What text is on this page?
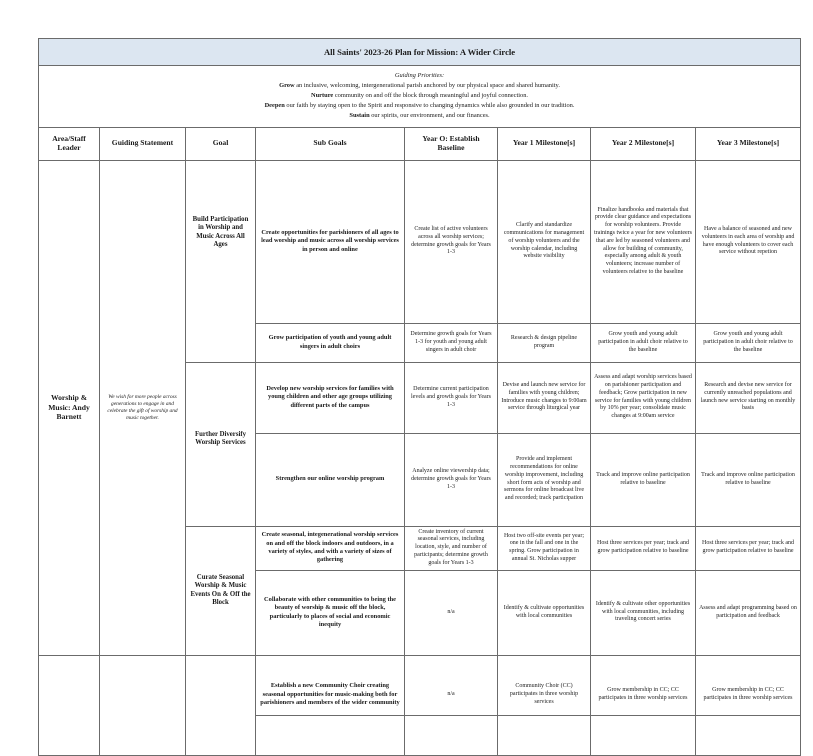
All Saints' 2023-26 Plan for Mission: A Wider Circle							

Guiding Priorities:
Grow an inclusive, welcoming, intergenerational parish anchored by our physical space and shared humanity.
Nurture community on and off the block through meaningful and joyful connection.
Deepen our faith by staying open to the Spirit and responsive to changing dynamics while also grounded in our tradition.
Sustain our spirits, our environment, and our finances.							

Area/Staff Leader	Guiding Statement	Goal	Sub Goals	Year O: Establish Baseline	Year 1 Milestone[s]	Year 2 Milestone[s]	Year 3 Milestone[s]
Worship & Music: Andy Barnett	We wish for more people across generations to engage in and celebrate the gift of worship and music together.	Build Participation in Worship and Music Across All Ages	Create opportunities for parishioners of all ages to lead worship and music across all worship services in person and online	Create list of active volunteers across all worship services; determine growth goals for Years 1-3	Clarify and standardize communications for management of worship volunteers and the worship calendar, including website visibility	Finalize handbooks and materials that provide clear guidance and expectations for worship volunteers. Provide trainings twice a year for new volunteers that are led by seasoned volunteers and allow for building of community, especially among adult & youth volunteers; increase number of volunteers relative to the baseline	Have a balance of seasoned and new volunteers in each area of worship and have enough volunteers to cover each service without repetion
			Grow participation of youth and young adult singers in adult choirs	Determine growth goals for Years 1-3 for youth and young adult singers in adult choir	Research & design pipeline program	Grow youth and young adult participation in adult choir relative to the baseline	Grow youth and young adult participation in adult choir relative to the baseline
		Further Diversify Worship Services	Develop new worship services for families with young children and other age groups utilizing different parts of the campus	Determine current participation levels and growth goals for Years 1-3	Devise and launch new service for families with young children; Introduce music changes to 9:00am service through liturgical year	Assess and adapt worship services based on parishioner participation and feedback; Grow participation in new service for families with young children by 10% per year; consolidate music changes at 9:00am service	Research and devise new service for currently unreached populations and launch new service starting on monthly basis
			Strengthen our online worship program	Analyze online viewership data; determine growth goals for Years 1-3	Provide and implement recommendations for online worship improvement, including short form acts of worship and sermons for online broadcast live and recorded; track participation	Track and improve online participation relative to baseline	Track and improve online participation relative to baseline
		Curate Seasonal Worship & Music Events On & Off the Block	Create seasonal, integenerational worship services on and off the block indoors and outdoors, in a variety of styles, and with a variety of sizes of gathering	Create inventory of current seasonal services, including location, style, and number of participants; determine growth goals for Years 1-3	Host two off-site events per year; one in the fall and one in the spring. Grow participation in annual St. Nicholas supper	Host three services per year; track and grow participation relative to baseline	Host three services per year; track and grow participation relative to baseline
			Collaborate with other communities to being the beauty of worship & music off the block, particularly to places of social and economic inequity	n/a	Identify & cultivate opportunities with local communities	Identify & cultivate other opportunities with local communities, including traveling concert series	Assess and adapt programming based on participation and feedback

			Establish a new Community Choir creating seasonal opportunities for music-making both for parishioners and members of the wider community	n/a	Community Choir (CC) participates in three worship services	Grow membership in CC; CC participates in three worship services	Grow membership in CC; CC participates in three worship services
